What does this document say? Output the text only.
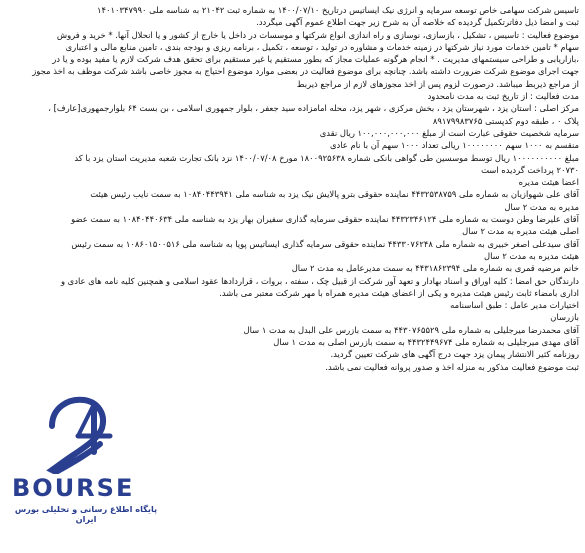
تاسیس شرکت سهامی خاص توسعه سرمایه و انرژی نیک ایساتیس درتاریخ ۱۴۰۰/۰۷/۱۰ به شماره ثبت ۲۱۰۴۲ به شناسه ملی ۱۴۰۱۰۳۴۷۹۹۰
ثبت و امضا ذیل دفاترتکمیل گردیده که خلاصه آن به شرح زیر جهت اطلاع عموم آگهی میگردد.
موضوع فعالیت : تاسیس ، تشکیل ، بازسازی، نوسازی و راه اندازی انواع شرکتها و موسسات در داخل یا خارج از کشور و یا انحلال آنها. * خرید و فروش
سهام * تامین خدمات مورد نیاز شرکتها در زمینه خدمات و مشاوره در تولید ، توسعه ، تکمیل ، برنامه ریزی و بودجه بندی ، تامین منابع مالی و اعتباری
،بازاریابی و طراحی سیستمهای مدیریت . * انجام هرگونه عملیات مجاز که بطور مستقیم یا غیر مستقیم برای تحقق هدف شرکت لازم یا مفید بوده و یا در
جهت اجرای موضوع شرکت ضرورت داشته باشد. چنانچه برای موضوع فعالیت در بعضی موارد موضوع احتیاج به مجوز خاصی باشد شرکت موظف به اخذ مجوز
از مراجع ذیربط میباشد. درصورت لزوم پس از اخذ مجوزهای لازم از مراجع ذیربط
مدت فعالیت : از تاریخ ثبت به مدت نامحدود
مرکز اصلی : استان یزد ، شهرستان یزد ، بخش مرکزی ، شهر یزد، محله امامزاده سید جعفر ، بلوار جمهوری اسلامی ، بن بست ۶۴ بلوارجمهوری[عارف] ،
پلاک ۰ ، طبقه دوم کدپستی ۸۹۱۷۹۹۸۳۷۶۵
سرمایه شخصیت حقوقی عبارت است از مبلغ ۱۰۰,۰۰۰,۰۰۰,۰۰۰ ریال نقدی
منقسم به ۱۰۰۰ سهم ۱۰۰۰۰۰۰۰۰ ریالی تعداد ۱۰۰۰ سهم آن با نام عادی
مبلغ ۱۰۰۰۰۰۰۰۰۰۰ ریال توسط موسسین طی گواهی بانکی شماره ۱۸۰۰۹۲۵۶۳۸ مورخ ۱۴۰۰/۰۷/۰۸ نزد بانک تجارت شعبه مدیریت استان یزد با کد
۲۰۷۳۰ پرداخت گردیده است
اعضا هیئت مدیره
آقای علی شهوازیان به شماره ملی ۴۴۳۲۵۳۸۷۵۹ نماینده حقوقی بترو پالایش نیک یزد به شناسه ملی ۱۰۸۴۰۴۴۳۹۴۱ به سمت نایب رئیس هیئت
مدیره به مدت ۲ سال
آقای علیرضا وطن دوست به شماره ملی ۴۴۳۲۳۴۶۱۲۴ نماینده حقوقی سرمایه گذاری سفیران بهار یزد به شناسه ملی ۱۰۸۴۰۴۴۰۶۳۴ به سمت عضو
اصلی هیئت مدیره به مدت ۲ سال
آقای سیدعلی اصغر خبیری به شماره ملی ۴۴۳۳۰۷۶۲۴۸ نماینده حقوقی سرمایه گذاری ایساتیس پویا به شناسه ملی ۱۰۸۶۰۱۵۰۰۵۱۶ به سمت رئیس
هیئت مدیره به مدت ۲ سال
خانم مرضیه قمری به شماره ملی ۴۴۳۱۸۶۲۳۹۴ به سمت مدیرعامل به مدت ۲ سال
دارندگان حق امضا : کلیه اوراق و اسناد بهادار و تعهد آور شرکت از قبیل چک ، سفته ، بروات ، قراردادها عقود اسلامی و همچنین کلیه نامه های عادی و
اداری بامضاء ثابت رئیس هیئت مدیره و یکی از اعضای هیئت مدیره همراه با مهر شرکت معتبر می باشد.
اختیارات مدیر عامل : طبق اساسنامه
بازرسان
آقای محمدرضا میرجلیلی به شماره ملی ۴۴۳۰۷۶۵۵۲۹ به سمت بازرس علی البدل به مدت ۱ سال
آقای مهدی میرجلیلی به شماره ملی ۴۴۳۲۴۴۹۶۷۴ به سمت بازرس اصلی به مدت ۱ سال
روزنامه کثیر الانتشار پیمان یزد جهت درج آگهی های شرکت تعیین گردید.
ثبت موضوع فعالیت مذکور به منزله اخذ و صدور پروانه فعالیت نمی باشد.
BOURSE
پایگاه اطلاع رسانی و تحلیلی بورس ایران
